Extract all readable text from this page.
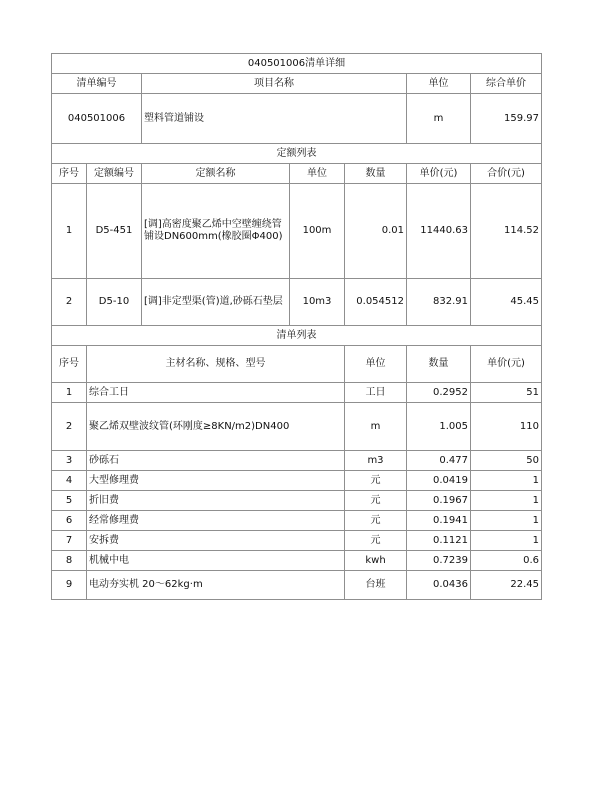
040501006清单详细							
清单编号		项目名称			单位	综合单价	
040501006		塑料管道铺设			m	159.97	
定额列表							
序号	定额编号	定额名称	单位	数量	单价(元)	合价(元)	
1	D5-451	[调]高密度聚乙烯中空壁缠绕管铺设DN600mm(橡胶圈Φ400)	100m	0.01	11440.63	114.52	
2	D5-10	[调]非定型渠(管)道,砂砾石垫层	10m3	0.054512	832.91	45.45	
清单列表							
序号	主材名称、规格、型号			单位	数量	单价(元)	
1	综合工日			工日	0.2952	51	
2	聚乙烯双壁波纹管(环刚度≥8KN/m2)DN400			m	1.005	110	
3	砂砾石			m3	0.477	50	
4	大型修理费			元	0.0419	1	
5	折旧费			元	0.1967	1	
6	经常修理费			元	0.1941	1	
7	安拆费			元	0.1121	1	
8	机械中电			kwh	0.7239	0.6	
9	电动夯实机 20～62kg·m			台班	0.0436	22.45	
